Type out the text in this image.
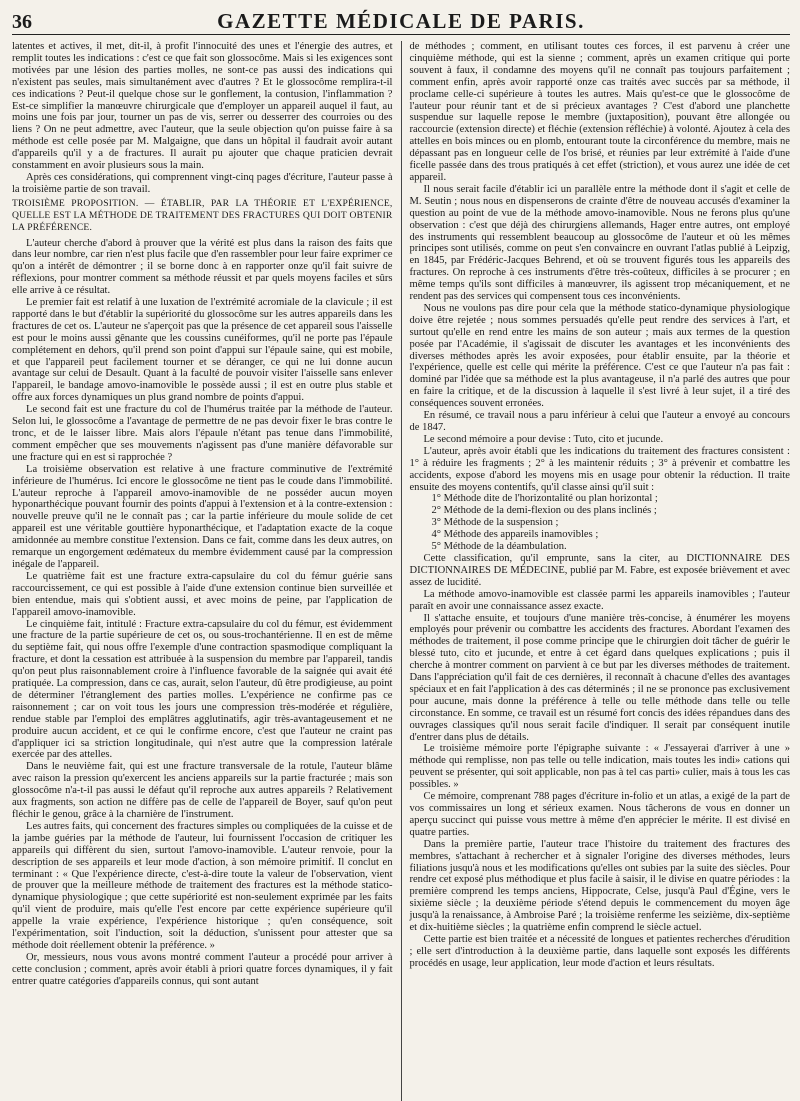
36	GAZETTE MÉDICALE DE PARIS.

latentes et actives, il met, dit-il, à profit l'innocuité des unes et l'énergie des autres, et remplit toutes les indications : c'est ce que fait son glossocôme. Mais si les exigences sont motivées par une lésion des parties molles, ne sont-ce pas aussi des indications qui n'existent pas seules, mais simultanément avec d'autres ? Et le glossocôme remplira-t-il ces indications ? Peut-il quelque chose sur le gonflement, la contusion, l'inflammation ? Est-ce simplifier la manœuvre chirurgicale que d'employer un appareil auquel il faut, au moins une fois par jour, tourner un pas de vis, serrer ou desserrer des courroies ou des liens ? On ne peut admettre, avec l'auteur, que la seule objection qu'on puisse faire à sa méthode est celle posée par M. Malgaigne, que dans un hôpital il faudrait avoir autant d'appareils qu'il y a de fractures. Il aurait pu ajouter que chaque praticien devrait constamment en avoir plusieurs sous la main.

Après ces considérations, qui comprennent vingt-cinq pages d'écriture, l'auteur passe à la troisième partie de son travail.

TROISIÈME PROPOSITION. — ÉTABLIR, PAR LA THÉORIE ET L'EXPÉRIENCE, QUELLE EST LA MÉTHODE DE TRAITEMENT DES FRACTURES QUI DOIT OBTENIR LA PRÉFÉRENCE.

L'auteur cherche d'abord à prouver que la vérité est plus dans la raison des faits que dans leur nombre, car rien n'est plus facile que d'en rassembler pour leur faire exprimer ce qu'on a intérêt de démontrer ; il se borne donc à en rapporter onze qu'il fait suivre de réflexions, pour montrer comment sa méthode réussit et par quels moyens faciles et sûrs elle arrive à ce résultat.

Le premier fait est relatif à une luxation de l'extrémité acromiale de la clavicule ; il est rapporté dans le but d'établir la supériorité du glossocôme sur les autres appareils dans les fractures de cet os. L'auteur ne s'aperçoit pas que la présence de cet appareil sous l'aisselle est pour le moins aussi gênante que les coussins cunéiformes, qu'il ne porte pas l'épaule complétement en dehors, qu'il prend son point d'appui sur l'épaule saine, qui est mobile, et que l'appareil peut facilement tourner et se déranger, ce qui ne lui donne aucun avantage sur celui de Desault. Quant à la faculté de pouvoir visiter l'aisselle sans enlever l'appareil, le bandage amovo-inamovible le possède aussi ; il est en outre plus stable et offre aux forces dynamiques un plus grand nombre de points d'appui.

Le second fait est une fracture du col de l'humérus traitée par la méthode de l'auteur. Selon lui, le glossocôme a l'avantage de permettre de ne pas devoir fixer le bras contre le tronc, et de le laisser libre. Mais alors l'épaule n'étant pas tenue dans l'immobilité, comment empêcher que ses mouvements n'agissent pas d'une manière défavorable sur une fracture qui en est si rapprochée ?

La troisième observation est relative à une fracture comminutive de l'extrémité inférieure de l'humérus. Ici encore le glossocôme ne tient pas le coude dans l'immobilité. L'auteur reproche à l'appareil amovo-inamovible de ne posséder aucun moyen hyponarthécique pouvant fournir des points d'appui à l'extension et à la contre-extension : nouvelle preuve qu'il ne le connaît pas ; car la partie inférieure du moule solide de cet appareil est une véritable gouttière hyponarthécique, et l'adaptation exacte de la coque amidonnée au membre constitue l'extension. Dans ce fait, comme dans les deux autres, on remarque un engorgement œdémateux du membre évidemment causé par la compression inégale de l'appareil.

Le quatrième fait est une fracture extra-capsulaire du col du fémur guérie sans raccourcissement, ce qui est possible à l'aide d'une extension continue bien surveillée et bien entendue, mais qui s'obtient aussi, et avec moins de peine, par l'application de l'appareil amovo-inamovible.

Le cinquième fait, intitulé : Fracture extra-capsulaire du col du fémur, est évidemment une fracture de la partie supérieure de cet os, ou sous-trochantérienne. Il en est de même du septième fait, qui nous offre l'exemple d'une contraction spasmodique compliquant la fracture, et dont la cessation est attribuée à la suspension du membre par l'appareil, tandis qu'on peut plus raisonnablement croire à l'influence favorable de la saignée qui avait été pratiquée. La compression, dans ce cas, aurait, selon l'auteur, dû être prodigieuse, au point de déterminer l'étranglement des parties molles. L'expérience ne confirme pas ce raisonnement ; car on voit tous les jours une compression très-modérée et régulière, rendue stable par l'emploi des emplâtres agglutinatifs, agir très-avantageusement et ne produire aucun accident, et ce qui le confirme encore, c'est que l'auteur ne craint pas d'appliquer ici sa striction longitudinale, qui n'est autre que la compression latérale exercée par des attelles.

Dans le neuvième fait, qui est une fracture transversale de la rotule, l'auteur blâme avec raison la pression qu'exercent les anciens appareils sur la partie fracturée ; mais son glossocôme n'a-t-il pas aussi le défaut qu'il reproche aux autres appareils ? Relativement aux fragments, son action ne diffère pas de celle de l'appareil de Boyer, sauf qu'on peut fléchir le genou, grâce à la charnière de l'instrument.

Les autres faits, qui concernent des fractures simples ou compliquées de la cuisse et de la jambe guéries par la méthode de l'auteur, lui fournissent l'occasion de critiquer les appareils qui diffèrent du sien, surtout l'amovo-inamovible. L'auteur renvoie, pour la description de ses appareils et leur mode d'action, à son mémoire primitif. Il conclut en terminant : « Que l'expérience directe, c'est-à-dire toute la valeur de l'observation, vient de prouver que la meilleure méthode de traitement des fractures est la méthode statico-dynamique physiologique ; que cette supériorité est non-seulement exprimée par les faits qu'il vient de produire, mais qu'elle l'est encore par cette expérience supérieure qu'il appelle la vraie expérience, l'expérience historique ; qu'en conséquence, soit l'expérimentation, soit l'induction, soit la déduction, s'unissent pour attester que sa méthode doit réellement obtenir la préférence. »

Or, messieurs, nous vous avons montré comment l'auteur a procédé pour arriver à cette conclusion ; comment, après avoir établi à priori quatre forces dynamiques, il y fait entrer quatre catégories d'appareils connus, qui sont autant

de méthodes ; comment, en utilisant toutes ces forces, il est parvenu à créer une cinquième méthode, qui est la sienne ; comment, après un examen critique qui porte souvent à faux, il condamne des moyens qu'il ne connaît pas toujours parfaitement ; comment enfin, après avoir rapporté onze cas traités avec succès par sa méthode, il proclame celle-ci supérieure à toutes les autres. Mais qu'est-ce que le glossocôme de l'auteur pour réunir tant et de si précieux avantages ? C'est d'abord une planchette suspendue sur laquelle repose le membre (juxtaposition), pouvant être allongée ou raccourcie (extension directe) et fléchie (extension réfléchie) à volonté. Ajoutez à cela des attelles en bois minces ou en plomb, entourant toute la circonférence du membre, mais ne dépassant pas en longueur celle de l'os brisé, et réunies par leur extrémité à l'aide d'une ficelle passée dans des trous pratiqués à cet effet (striction), et vous aurez une idée de cet appareil.

Il nous serait facile d'établir ici un parallèle entre la méthode dont il s'agit et celle de M. Seutin ; nous nous en dispenserons de crainte d'être de nouveau accusés d'examiner la question au point de vue de la méthode amovo-inamovible. Nous ne ferons plus qu'une observation : c'est que déjà des chirurgiens allemands, Hager entre autres, ont employé des instruments qui ressemblent beaucoup au glossocôme de l'auteur et où les mêmes principes sont utilisés, comme on peut s'en convaincre en ouvrant l'atlas publié à Leipzig, en 1845, par Frédéric-Jacques Behrend, et où se trouvent figurés tous les appareils des fractures. On reproche à ces instruments d'être très-coûteux, difficiles à se procurer ; en même temps qu'ils sont difficiles à manœuvrer, ils agissent trop mécaniquement, et ne rendent pas des services qui compensent tous ces inconvénients.

Nous ne voulons pas dire pour cela que la méthode statico-dynamique physiologique doive être rejetée ; nous sommes persuadés qu'elle peut rendre des services à l'art, et surtout qu'elle en rend entre les mains de son auteur ; mais aux termes de la question posée par l'Académie, il s'agissait de discuter les avantages et les inconvénients des diverses méthodes après les avoir exposées, pour établir ensuite, par la théorie et l'expérience, quelle est celle qui mérite la préférence. C'est ce que l'auteur n'a pas fait : dominé par l'idée que sa méthode est la plus avantageuse, il n'a parlé des autres que pour en faire la critique, et de la discussion à laquelle il s'est livré à leur sujet, il a tiré des conséquences souvent erronées.

En résumé, ce travail nous a paru inférieur à celui que l'auteur a envoyé au concours de 1847.

Le second mémoire a pour devise : Tuto, cito et jucunde.

L'auteur, après avoir établi que les indications du traitement des fractures consistent : 1° à réduire les fragments ; 2° à les maintenir réduits ; 3° à prévenir et combattre les accidents, expose d'abord les moyens mis en usage pour obtenir la réduction. Il traite ensuite des moyens contentifs, qu'il classe ainsi qu'il suit :

1° Méthode dite de l'horizontalité ou plan horizontal ;

2° Méthode de la demi-flexion ou des plans inclinés ;

3° Méthode de la suspension ;

4° Méthode des appareils inamovibles ;

5° Méthode de la déambulation.

Cette classification, qu'il emprunte, sans la citer, au DICTIONNAIRE DES DICTIONNAIRES DE MÉDECINE, publié par M. Fabre, est exposée brièvement et avec assez de lucidité.

La méthode amovo-inamovible est classée parmi les appareils inamovibles ; l'auteur paraît en avoir une connaissance assez exacte.

Il s'attache ensuite, et toujours d'une manière très-concise, à énumérer les moyens employés pour prévenir ou combattre les accidents des fractures. Abordant l'examen des méthodes de traitement, il pose comme principe que le chirurgien doit tâcher de guérir le blessé tuto, cito et jucunde, et entre à cet égard dans quelques explications ; puis il cherche à montrer comment on parvient à ce but par les diverses méthodes de traitement. Dans l'appréciation qu'il fait de ces dernières, il reconnaît à chacune d'elles des avantages spéciaux et en fait l'application à des cas déterminés ; il ne se prononce pas exclusivement pour aucune, mais donne la préférence à telle ou telle méthode dans telle ou telle circonstance. En somme, ce travail est un résumé fort concis des idées répandues dans des ouvrages classiques qu'il nous serait facile d'indiquer. Il serait par conséquent inutile d'entrer dans plus de détails.

Le troisième mémoire porte l'épigraphe suivante : « J'essayerai d'arriver à une » méthode qui remplisse, non pas telle ou telle indication, mais toutes les indi» cations qui peuvent se présenter, qui soit applicable, non pas à tel cas parti» culier, mais à tous les cas possibles. »

Ce mémoire, comprenant 788 pages d'écriture in-folio et un atlas, a exigé de la part de vos commissaires un long et sérieux examen. Nous tâcherons de vous en donner un aperçu succinct qui puisse vous mettre à même d'en apprécier le mérite. Il est divisé en quatre parties.

Dans la première partie, l'auteur trace l'histoire du traitement des fractures des membres, s'attachant à rechercher et à signaler l'origine des diverses méthodes, leurs filiations jusqu'à nous et les modifications qu'elles ont subies par la suite des siècles. Pour rendre cet exposé plus méthodique et plus facile à saisir, il le divise en quatre périodes : la première comprend les temps anciens, Hippocrate, Celse, jusqu'à Paul d'Égine, vers le sixième siècle ; la deuxième période s'étend depuis le commencement du moyen âge jusqu'à la renaissance, à Ambroise Paré ; la troisième renferme les seizième, dix-septième et dix-huitième siècles ; la quatrième enfin comprend le siècle actuel.

Cette partie est bien traitée et a nécessité de longues et patientes recherches d'érudition ; elle sert d'introduction à la deuxième partie, dans laquelle sont exposés les différents procédés en usage, leur application, leur mode d'action et leurs résultats.
